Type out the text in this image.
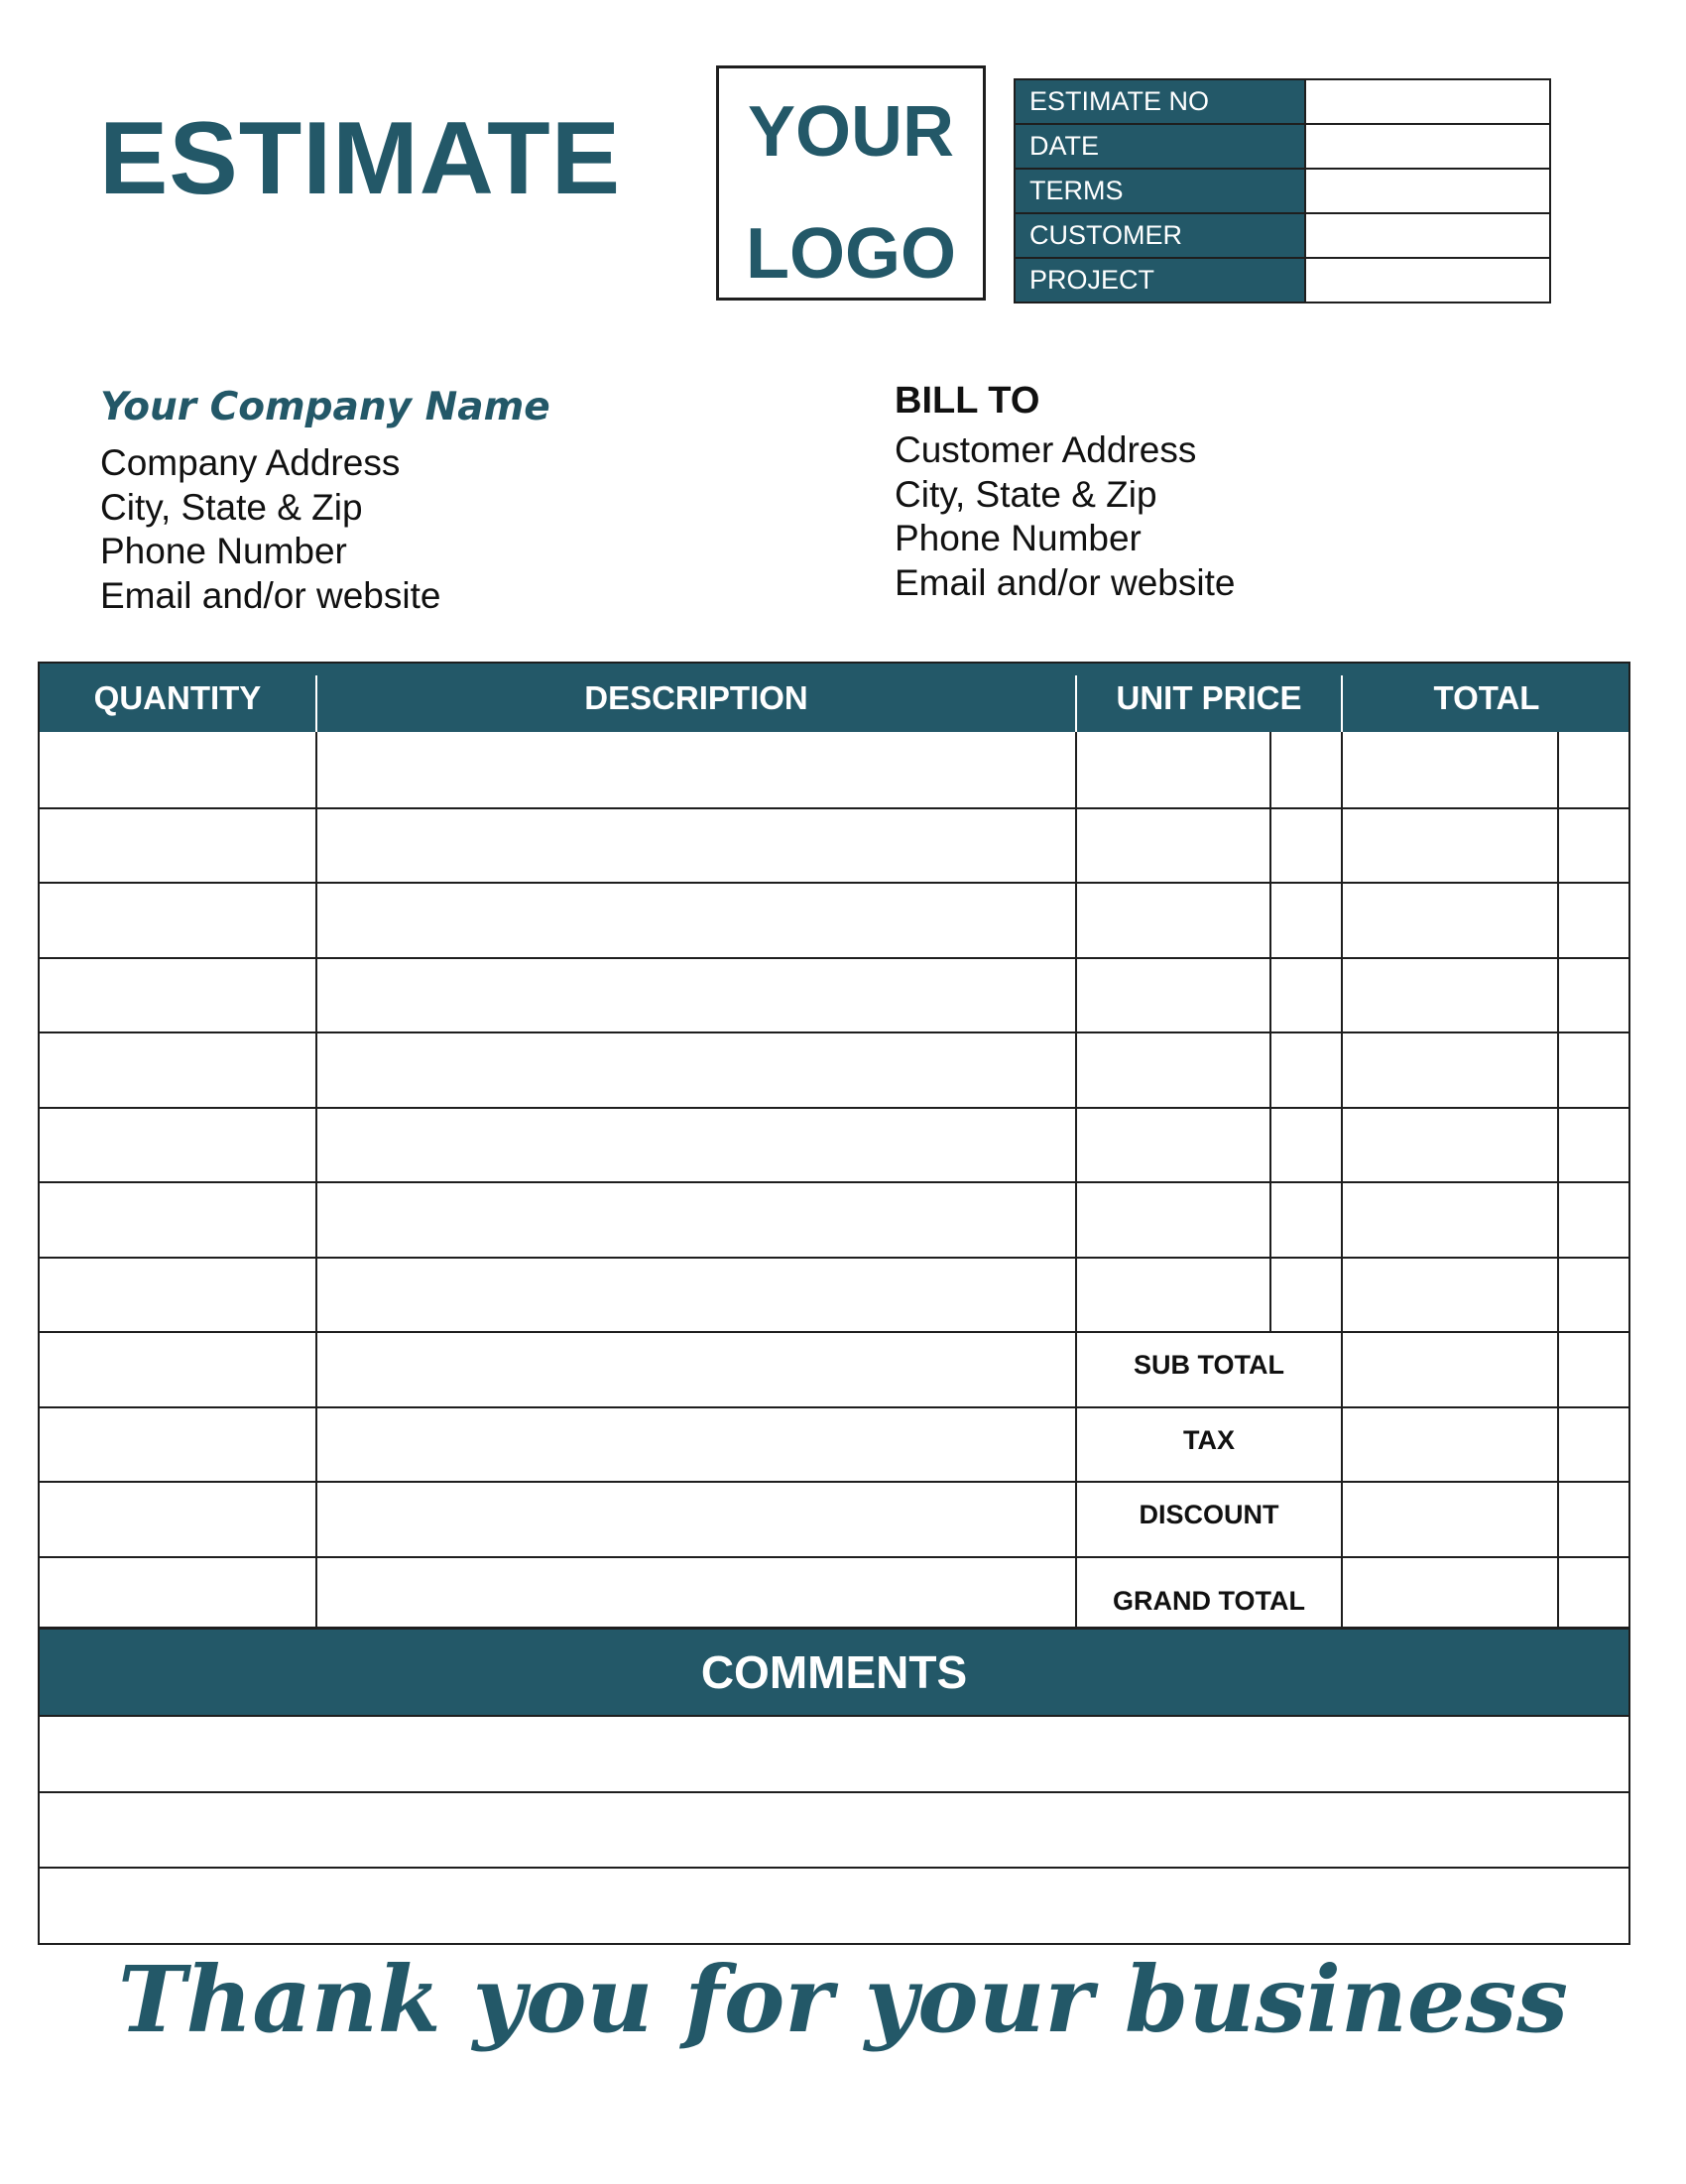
ESTIMATE	YOUR
LOGO
ESTIMATE NO	
DATE	
TERMS	
CUSTOMER	
PROJECT	
Your Company Name
Company Address
City, State & Zip
Phone Number
Email and/or website
BILL TO
Customer Address
City, State & Zip
Phone Number
Email and/or website
QUANTITY	DESCRIPTION	UNIT PRICE	TOTAL
SUB TOTAL
TAX
DISCOUNT
GRAND TOTAL
COMMENTS
Thank you for your business
